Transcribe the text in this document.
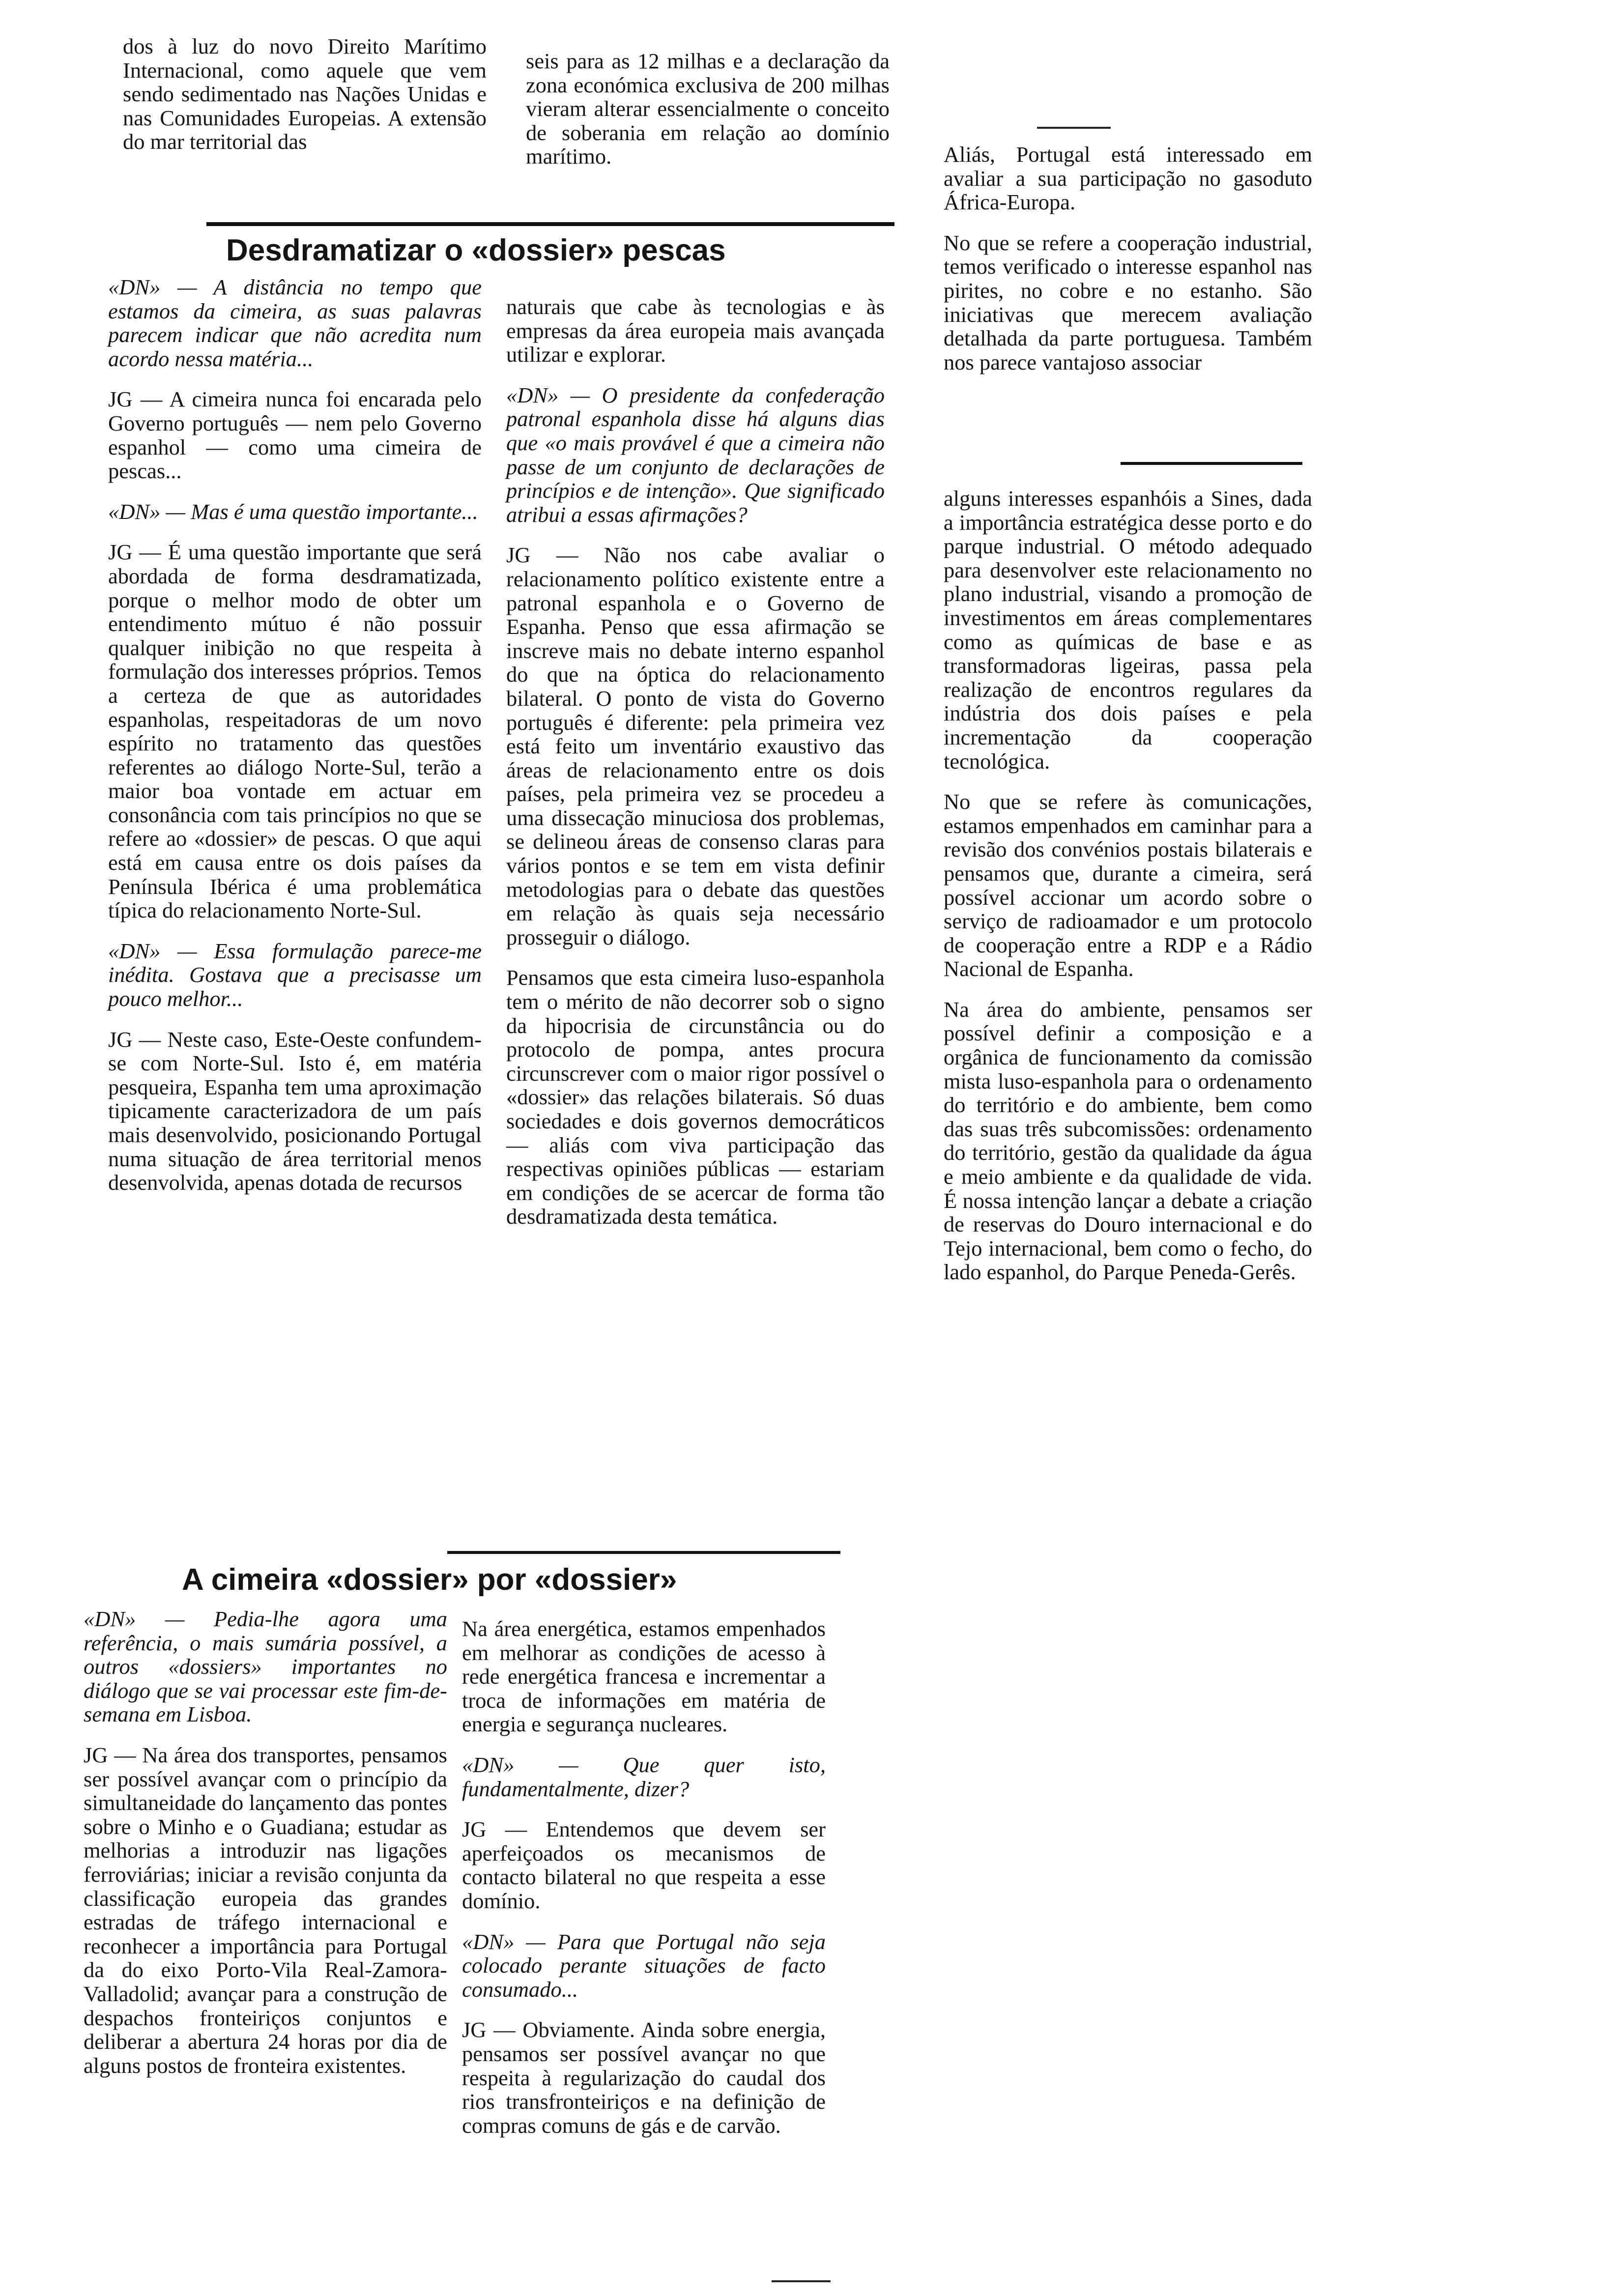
dos à luz do novo Direito Marítimo Internacional, como aquele que vem sendo sedimentado nas Nações Unidas e nas Comunidades Europeias. A extensão do mar territorial das

seis para as 12 milhas e a declaração da zona económica exclusiva de 200 milhas vieram alterar essencialmente o conceito de soberania em relação ao domínio marítimo.

Desdramatizar o «dossier» pescas

«DN» — A distância no tempo que estamos da cimeira, as suas palavras parecem indicar que não acredita num acordo nessa matéria...

JG — A cimeira nunca foi encarada pelo Governo português — nem pelo Governo espanhol — como uma cimeira de pescas...

«DN» — Mas é uma questão importante...

JG — É uma questão importante que será abordada de forma desdramatizada, porque o melhor modo de obter um entendimento mútuo é não possuir qualquer inibição no que respeita à formulação dos interesses próprios. Temos a certeza de que as autoridades espanholas, respeitadoras de um novo espírito no tratamento das questões referentes ao diálogo Norte-Sul, terão a maior boa vontade em actuar em consonância com tais princípios no que se refere ao «dossier» de pescas. O que aqui está em causa entre os dois países da Península Ibérica é uma problemática típica do relacionamento Norte-Sul.

«DN» — Essa formulação parece-me inédita. Gostava que a precisasse um pouco melhor...

JG — Neste caso, Este-Oeste confundem-se com Norte-Sul. Isto é, em matéria pesqueira, Espanha tem uma aproximação tipicamente caracterizadora de um país mais desenvolvido, posicionando Portugal numa situação de área territorial menos desenvolvida, apenas dotada de recursos

naturais que cabe às tecnologias e às empresas da área europeia mais avançada utilizar e explorar.

«DN» — O presidente da confederação patronal espanhola disse há alguns dias que «o mais provável é que a cimeira não passe de um conjunto de declarações de princípios e de intenção». Que significado atribui a essas afirmações?

JG — Não nos cabe avaliar o relacionamento político existente entre a patronal espanhola e o Governo de Espanha. Penso que essa afirmação se inscreve mais no debate interno espanhol do que na óptica do relacionamento bilateral. O ponto de vista do Governo português é diferente: pela primeira vez está feito um inventário exaustivo das áreas de relacionamento entre os dois países, pela primeira vez se procedeu a uma dissecação minuciosa dos problemas, se delineou áreas de consenso claras para vários pontos e se tem em vista definir metodologias para o debate das questões em relação às quais seja necessário prosseguir o diálogo.

Pensamos que esta cimeira luso-espanhola tem o mérito de não decorrer sob o signo da hipocrisia de circunstância ou do protocolo de pompa, antes procura circunscrever com o maior rigor possível o «dossier» das relações bilaterais. Só duas sociedades e dois governos democráticos — aliás com viva participação das respectivas opiniões públicas — estariam em condições de se acercar de forma tão desdramatizada desta temática.

Aliás, Portugal está interessado em avaliar a sua participação no gasoduto África-Europa.

No que se refere a cooperação industrial, temos verificado o interesse espanhol nas pirites, no cobre e no estanho. São iniciativas que merecem avaliação detalhada da parte portuguesa. Também nos parece vantajoso associar

alguns interesses espanhóis a Sines, dada a importância estratégica desse porto e do parque industrial. O método adequado para desenvolver este relacionamento no plano industrial, visando a promoção de investimentos em áreas complementares como as químicas de base e as transformadoras ligeiras, passa pela realização de encontros regulares da indústria dos dois países e pela incrementação da cooperação tecnológica.

No que se refere às comunicações, estamos empenhados em caminhar para a revisão dos convénios postais bilaterais e pensamos que, durante a cimeira, será possível accionar um acordo sobre o serviço de radioamador e um protocolo de cooperação entre a RDP e a Rádio Nacional de Espanha.

Na área do ambiente, pensamos ser possível definir a composição e a orgânica de funcionamento da comissão mista luso-espanhola para o ordenamento do território e do ambiente, bem como das suas três subcomissões: ordenamento do território, gestão da qualidade da água e meio ambiente e da qualidade de vida. É nossa intenção lançar a debate a criação de reservas do Douro internacional e do Tejo internacional, bem como o fecho, do lado espanhol, do Parque Peneda-Gerês.

A cimeira «dossier» por «dossier»

«DN» — Pedia-lhe agora uma referência, o mais sumária possível, a outros «dossiers» importantes no diálogo que se vai processar este fim-de-semana em Lisboa.

JG — Na área dos transportes, pensamos ser possível avançar com o princípio da simultaneidade do lançamento das pontes sobre o Minho e o Guadiana; estudar as melhorias a introduzir nas ligações ferroviárias; iniciar a revisão conjunta da classificação europeia das grandes estradas de tráfego internacional e reconhecer a importância para Portugal da do eixo Porto-Vila Real-Zamora-Valladolid; avançar para a construção de despachos fronteiriços conjuntos e deliberar a abertura 24 horas por dia de alguns postos de fronteira existentes.

Na área energética, estamos empenhados em melhorar as condições de acesso à rede energética francesa e incrementar a troca de informações em matéria de energia e segurança nucleares.

«DN» — Que quer isto, fundamentalmente, dizer?

JG — Entendemos que devem ser aperfeiçoados os mecanismos de contacto bilateral no que respeita a esse domínio.

«DN» — Para que Portugal não seja colocado perante situações de facto consumado...

JG — Obviamente. Ainda sobre energia, pensamos ser possível avançar no que respeita à regularização do caudal dos rios transfronteiriços e na definição de compras comuns de gás e de carvão.
